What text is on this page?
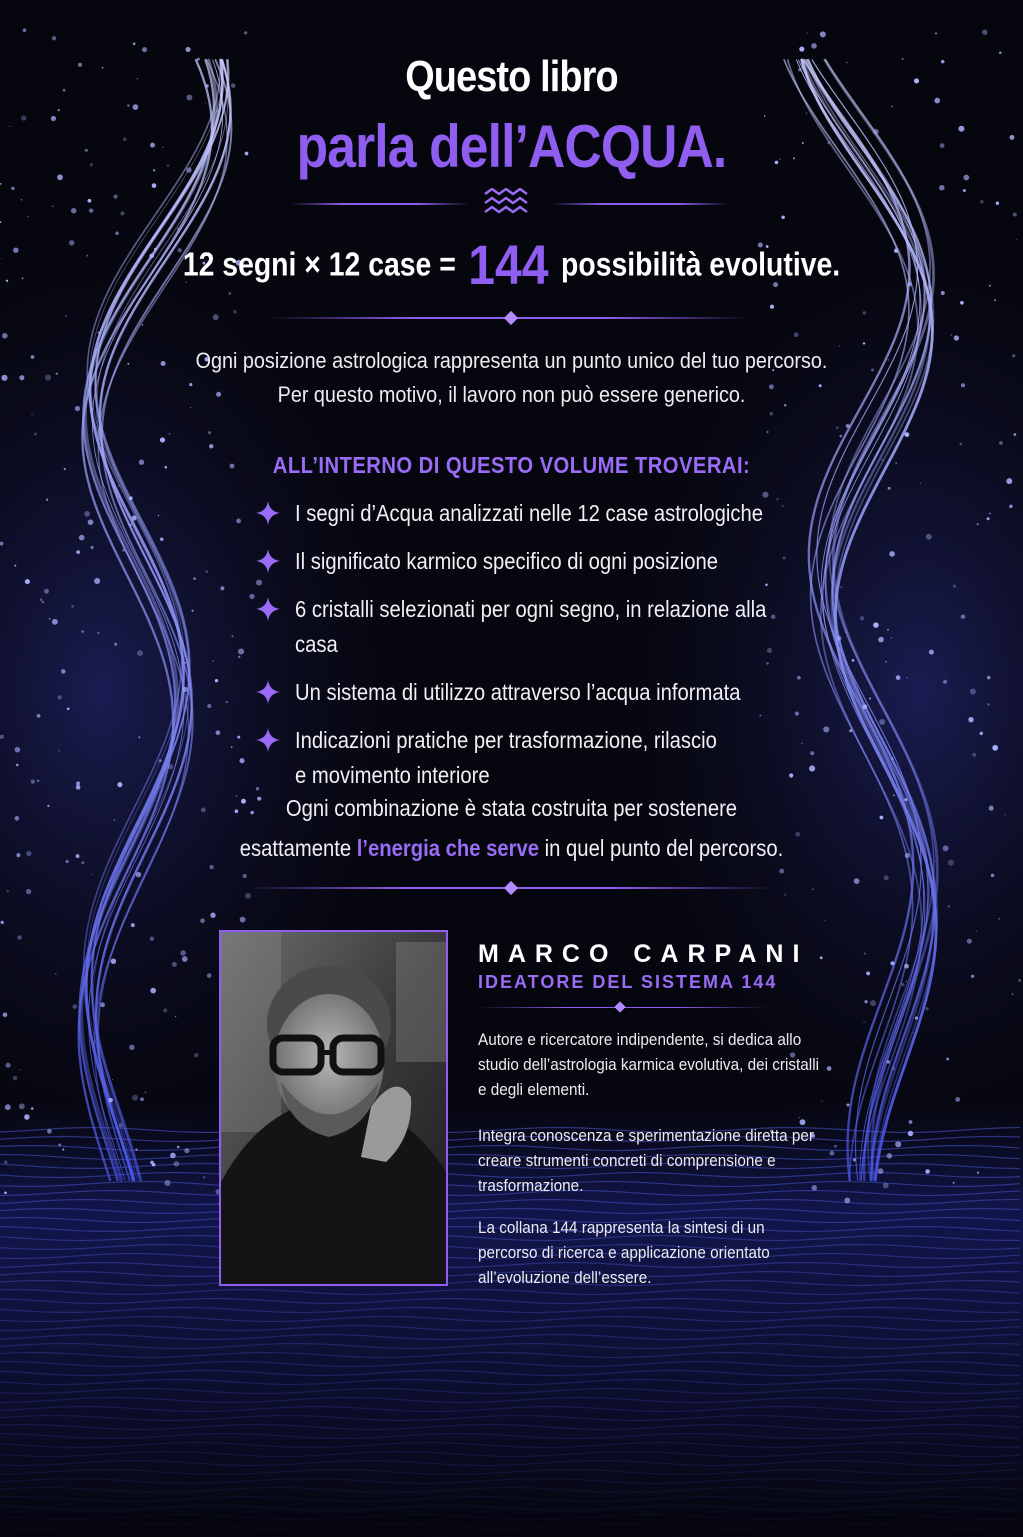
Questo libro
parla dell’ACQUA.
12 segni × 12 case = 144 possibilità evolutive.
Ogni posizione astrologica rappresenta un punto unico del tuo percorso.
Per questo motivo, il lavoro non può essere generico.
ALL’INTERNO DI QUESTO VOLUME TROVERAI:
I segni d’Acqua analizzati nelle 12 case astrologiche
Il significato karmico specifico di ogni posizione
6 cristalli selezionati per ogni segno, in relazione alla casa
Un sistema di utilizzo attraverso l’acqua informata
Indicazioni pratiche per trasformazione, rilascio
e movimento interiore
Ogni combinazione è stata costruita per sostenere
esattamente l’energia che serve in quel punto del percorso.
MARCO CARPANI
IDEATORE DEL SISTEMA 144
Autore e ricercatore indipendente, si dedica allo studio dell’astrologia karmica evolutiva, dei cristalli e degli elementi.
Integra conoscenza e sperimentazione diretta per creare strumenti concreti di comprensione e trasformazione.
La collana 144 rappresenta la sintesi di un percorso di ricerca e applicazione orientato all’evoluzione dell’essere.
